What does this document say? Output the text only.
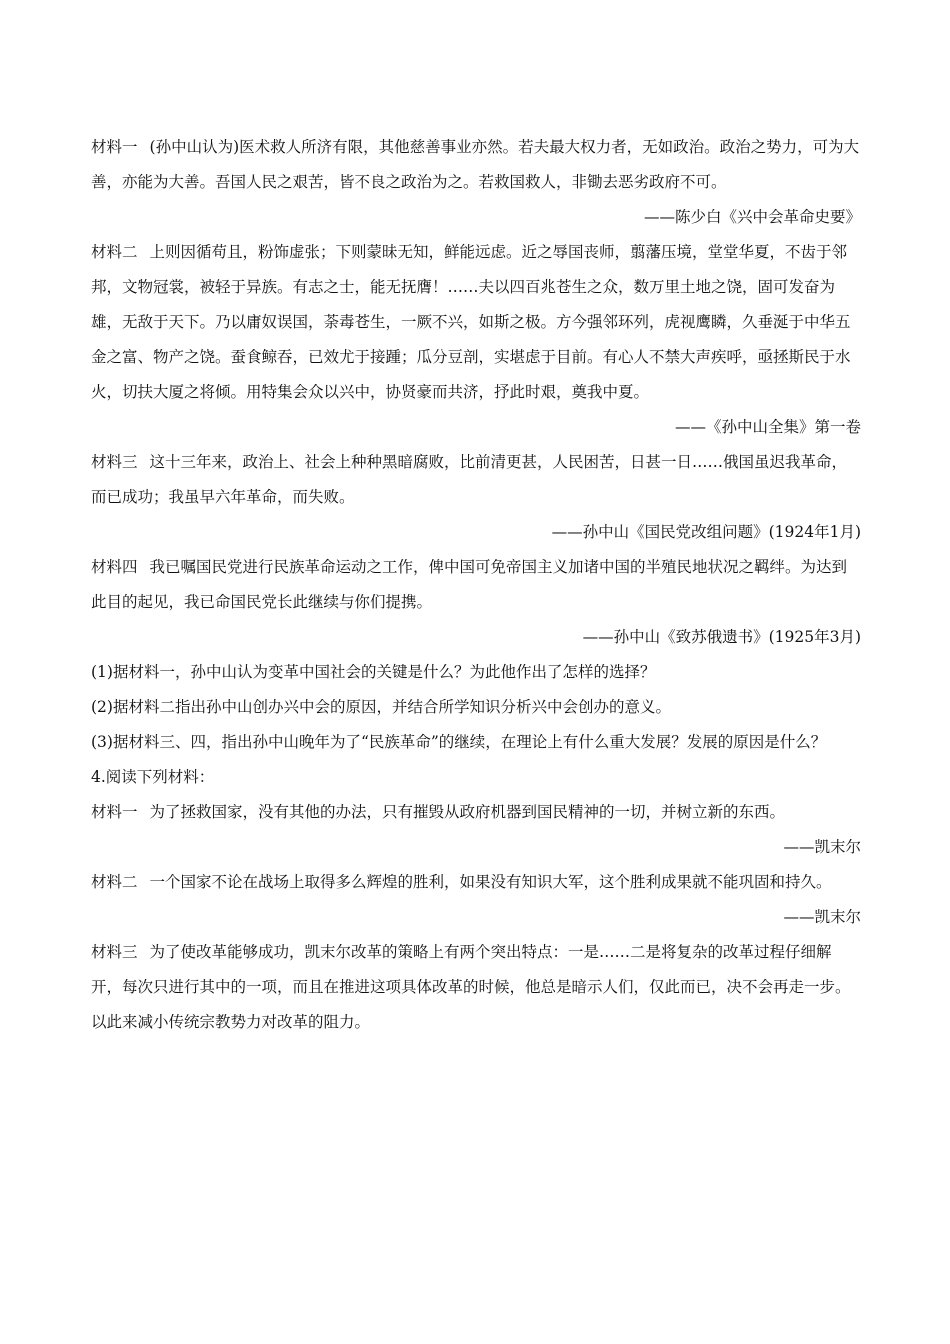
材料一 (孙中山认为)医术救人所济有限，其他慈善事业亦然。若夫最大权力者，无如政治。政治之势力，可为大善，亦能为大善。吾国人民之艰苦，皆不良之政治为之。若救国救人，非锄去恶劣政府不可。

——陈少白《兴中会革命史要》

材料二 上则因循苟且，粉饰虚张；下则蒙昧无知，鲜能远虑。近之辱国丧师，翦藩压境，堂堂华夏，不齿于邻邦，文物冠裳，被轻于异族。有志之士，能无抚膺！……夫以四百兆苍生之众，数万里土地之饶，固可发奋为雄，无敌于天下。乃以庸奴误国，荼毒苍生，一厥不兴，如斯之极。方今强邻环列，虎视鹰瞵，久垂涎于中华五金之富、物产之饶。蚕食鲸吞，已效尤于接踵；瓜分豆剖，实堪虑于目前。有心人不禁大声疾呼，亟拯斯民于水火，切扶大厦之将倾。用特集会众以兴中，协贤豪而共济，抒此时艰，奠我中夏。

——《孙中山全集》第一卷

材料三 这十三年来，政治上、社会上种种黑暗腐败，比前清更甚，人民困苦，日甚一日……俄国虽迟我革命，而已成功；我虽早六年革命，而失败。

——孙中山《国民党改组问题》(1924年1月)

材料四 我已嘱国民党进行民族革命运动之工作，俾中国可免帝国主义加诸中国的半殖民地状况之羁绊。为达到此目的起见，我已命国民党长此继续与你们提携。

——孙中山《致苏俄遗书》(1925年3月)

(1)据材料一，孙中山认为变革中国社会的关键是什么？为此他作出了怎样的选择？

(2)据材料二指出孙中山创办兴中会的原因，并结合所学知识分析兴中会创办的意义。

(3)据材料三、四，指出孙中山晚年为了“民族革命”的继续，在理论上有什么重大发展？发展的原因是什么？

4.阅读下列材料：

材料一 为了拯救国家，没有其他的办法，只有摧毁从政府机器到国民精神的一切，并树立新的东西。

——凯末尔

材料二 一个国家不论在战场上取得多么辉煌的胜利，如果没有知识大军，这个胜利成果就不能巩固和持久。

——凯末尔

材料三 为了使改革能够成功，凯末尔改革的策略上有两个突出特点：一是……二是将复杂的改革过程仔细解开，每次只进行其中的一项，而且在推进这项具体改革的时候，他总是暗示人们，仅此而已，决不会再走一步。以此来减小传统宗教势力对改革的阻力。
